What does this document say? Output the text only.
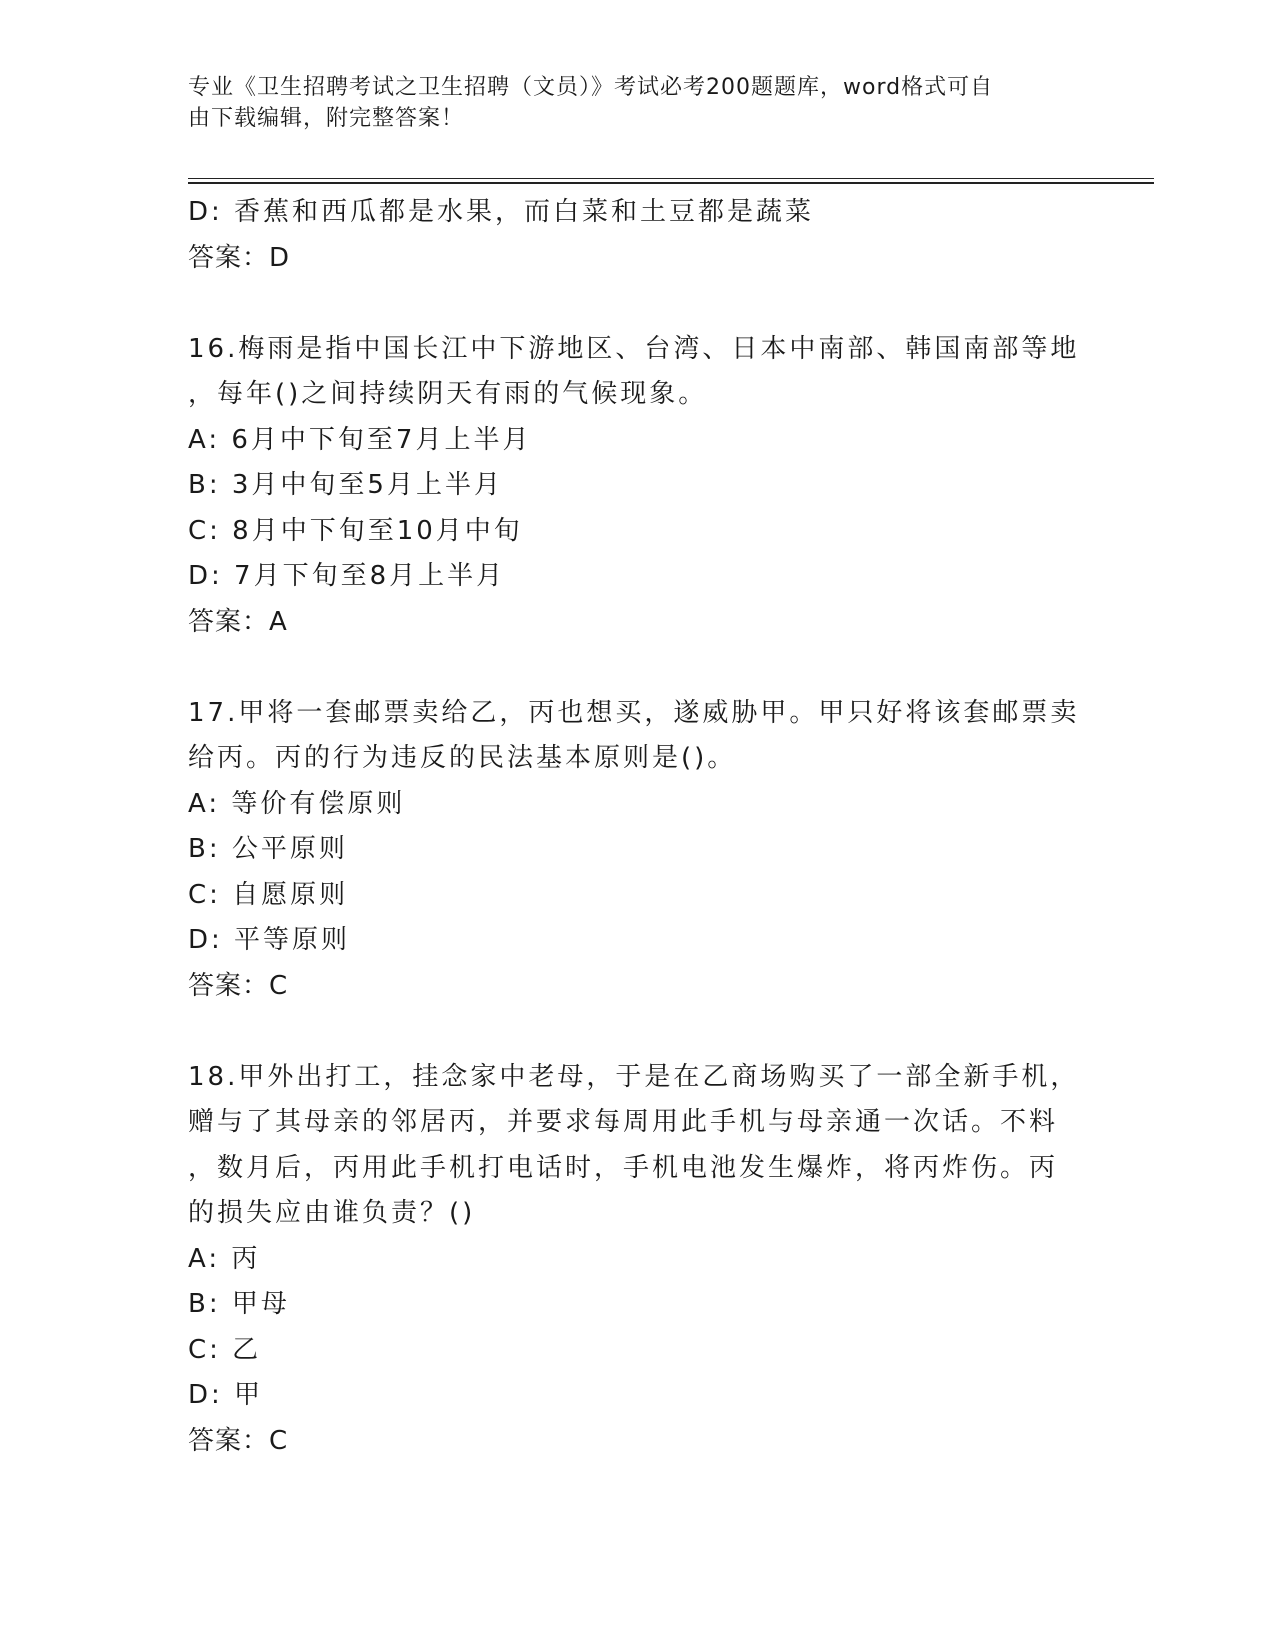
专业《卫生招聘考试之卫生招聘（文员）》考试必考200题题库，word格式可自
由下载编辑，附完整答案！
D: 香蕉和西瓜都是水果，而白菜和土豆都是蔬菜
答案：D
16.梅雨是指中国长江中下游地区、台湾、日本中南部、韩国南部等地
，每年()之间持续阴天有雨的气候现象。
A: 6月中下旬至7月上半月
B: 3月中旬至5月上半月
C: 8月中下旬至10月中旬
D: 7月下旬至8月上半月
答案：A
17.甲将一套邮票卖给乙，丙也想买，遂威胁甲。甲只好将该套邮票卖
给丙。丙的行为违反的民法基本原则是()。
A: 等价有偿原则
B: 公平原则
C: 自愿原则
D: 平等原则
答案：C
18.甲外出打工，挂念家中老母，于是在乙商场购买了一部全新手机，
赠与了其母亲的邻居丙，并要求每周用此手机与母亲通一次话。不料
，数月后，丙用此手机打电话时，手机电池发生爆炸，将丙炸伤。丙
的损失应由谁负责？()
A: 丙
B: 甲母
C: 乙
D: 甲
答案：C
